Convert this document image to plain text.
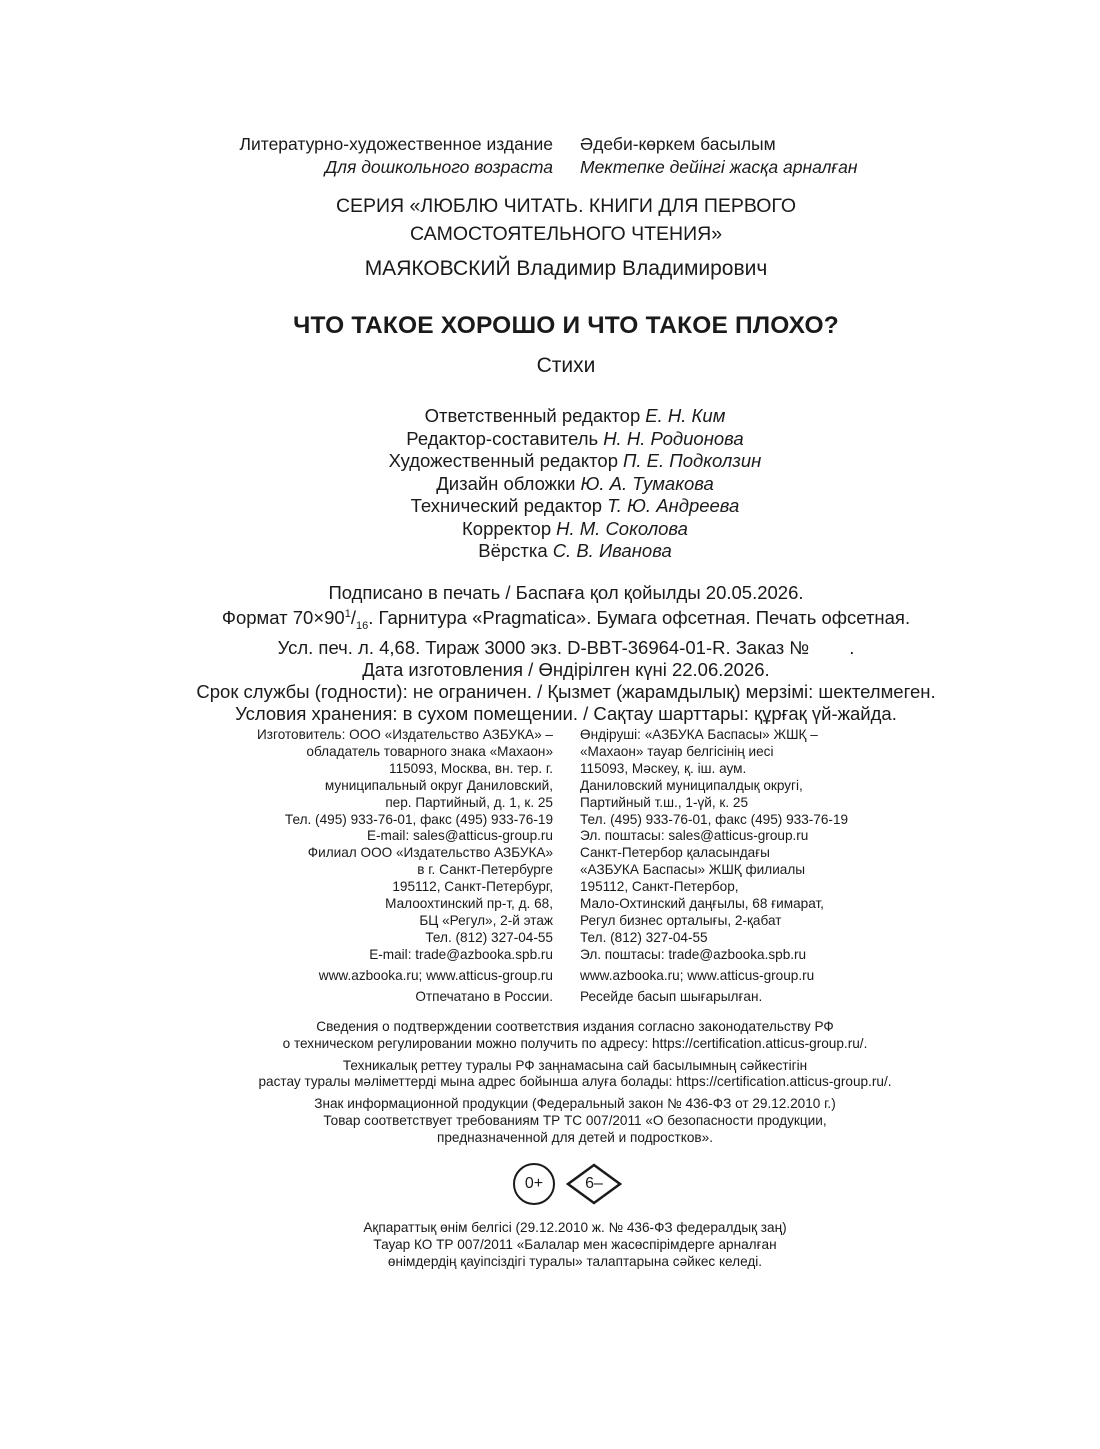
Литературно-художественное издание
Для дошкольного возраста
Әдеби-көркем басылым
Мектепке дейінгі жасқа арналған
СЕРИЯ «ЛЮБЛЮ ЧИТАТЬ. КНИГИ ДЛЯ ПЕРВОГО
САМОСТОЯТЕЛЬНОГО ЧТЕНИЯ»
МАЯКОВСКИЙ Владимир Владимирович
ЧТО ТАКОЕ ХОРОШО И ЧТО ТАКОЕ ПЛОХО?
Стихи
Ответственный редактор Е. Н. Ким
Редактор-составитель Н. Н. Родионова
Художественный редактор П. Е. Подколзин
Дизайн обложки Ю. А. Тумакова
Технический редактор Т. Ю. Андреева
Корректор Н. М. Соколова
Вёрстка С. В. Иванова
Подписано в печать / Баспаға қол қойылды 20.05.2026.
Формат $70\times 90^1/_{16}$. Гарнитура «Pragmatica». Бумага офсетная. Печать офсетная.
Усл. печ. л. 4,68. Тираж 3000 экз. D-BBT-36964-01-R. Заказ № .
Дата изготовления / Өндірілген күні 22.06.2026.
Срок службы (годности): не ограничен. / Қызмет (жарамдылық) мерзімі: шектелмеген.
Условия хранения: в сухом помещении. / Сақтау шарттары: құрғақ үй-жайда.
Изготовитель: ООО «Издательство АЗБУКА» –
обладатель товарного знака «Махаон»
115093, Москва, вн. тер. г.
муниципальный округ Даниловский,
пер. Партийный, д. 1, к. 25
Тел. (495) 933-76-01, факс (495) 933-76-19
E-mail: sales@atticus-group.ru
Филиал ООО «Издательство АЗБУКА»
в г. Санкт-Петербурге
195112, Санкт-Петербург,
Малоохтинский пр-т, д. 68,
БЦ «Регул», 2-й этаж
Тел. (812) 327-04-55
E-mail: trade@azbooka.spb.ru
www.azbooka.ru; www.atticus-group.ru
Отпечатано в России.
Өндіруші: «АЗБУКА Баспасы» ЖШҚ –
«Махаон» тауар белгісінің иесі
115093, Мәскеу, қ. іш. аум.
Даниловский муниципалдық округі,
Партийный т.ш., 1-үй, к. 25
Тел. (495) 933-76-01, факс (495) 933-76-19
Эл. поштасы: sales@atticus-group.ru
Санкт-Петербор қаласындағы
«АЗБУКА Баспасы» ЖШҚ филиалы
195112, Санкт-Петербор,
Мало-Охтинский даңғылы, 68 ғимарат,
Регул бизнес орталығы, 2-қабат
Тел. (812) 327-04-55
Эл. поштасы: trade@azbooka.spb.ru
www.azbooka.ru; www.atticus-group.ru
Ресейде басып шығарылған.
Сведения о подтверждении соответствия издания согласно законодательству РФ
о техническом регулировании можно получить по адресу: https://certification.atticus-group.ru/.
Техникалық реттеу туралы РФ заңнамасына сай басылымның сәйкестігін
растау туралы мәліметтерді мына адрес бойынша алуға болады: https://certification.atticus-group.ru/.
Знак информационной продукции (Федеральный закон № 436-ФЗ от 29.12.2010 г.)
Товар соответствует требованиям ТР ТС 007/2011 «О безопасности продукции,
предназначенной для детей и подростков».
0+	6–
Ақпараттық өнім белгісі (29.12.2010 ж. № 436-ФЗ федералдық заң)
Тауар КО ТР 007/2011 «Балалар мен жасөспірімдерге арналған
өнімдердің қауіпсіздігі туралы» талаптарына сәйкес келеді.
